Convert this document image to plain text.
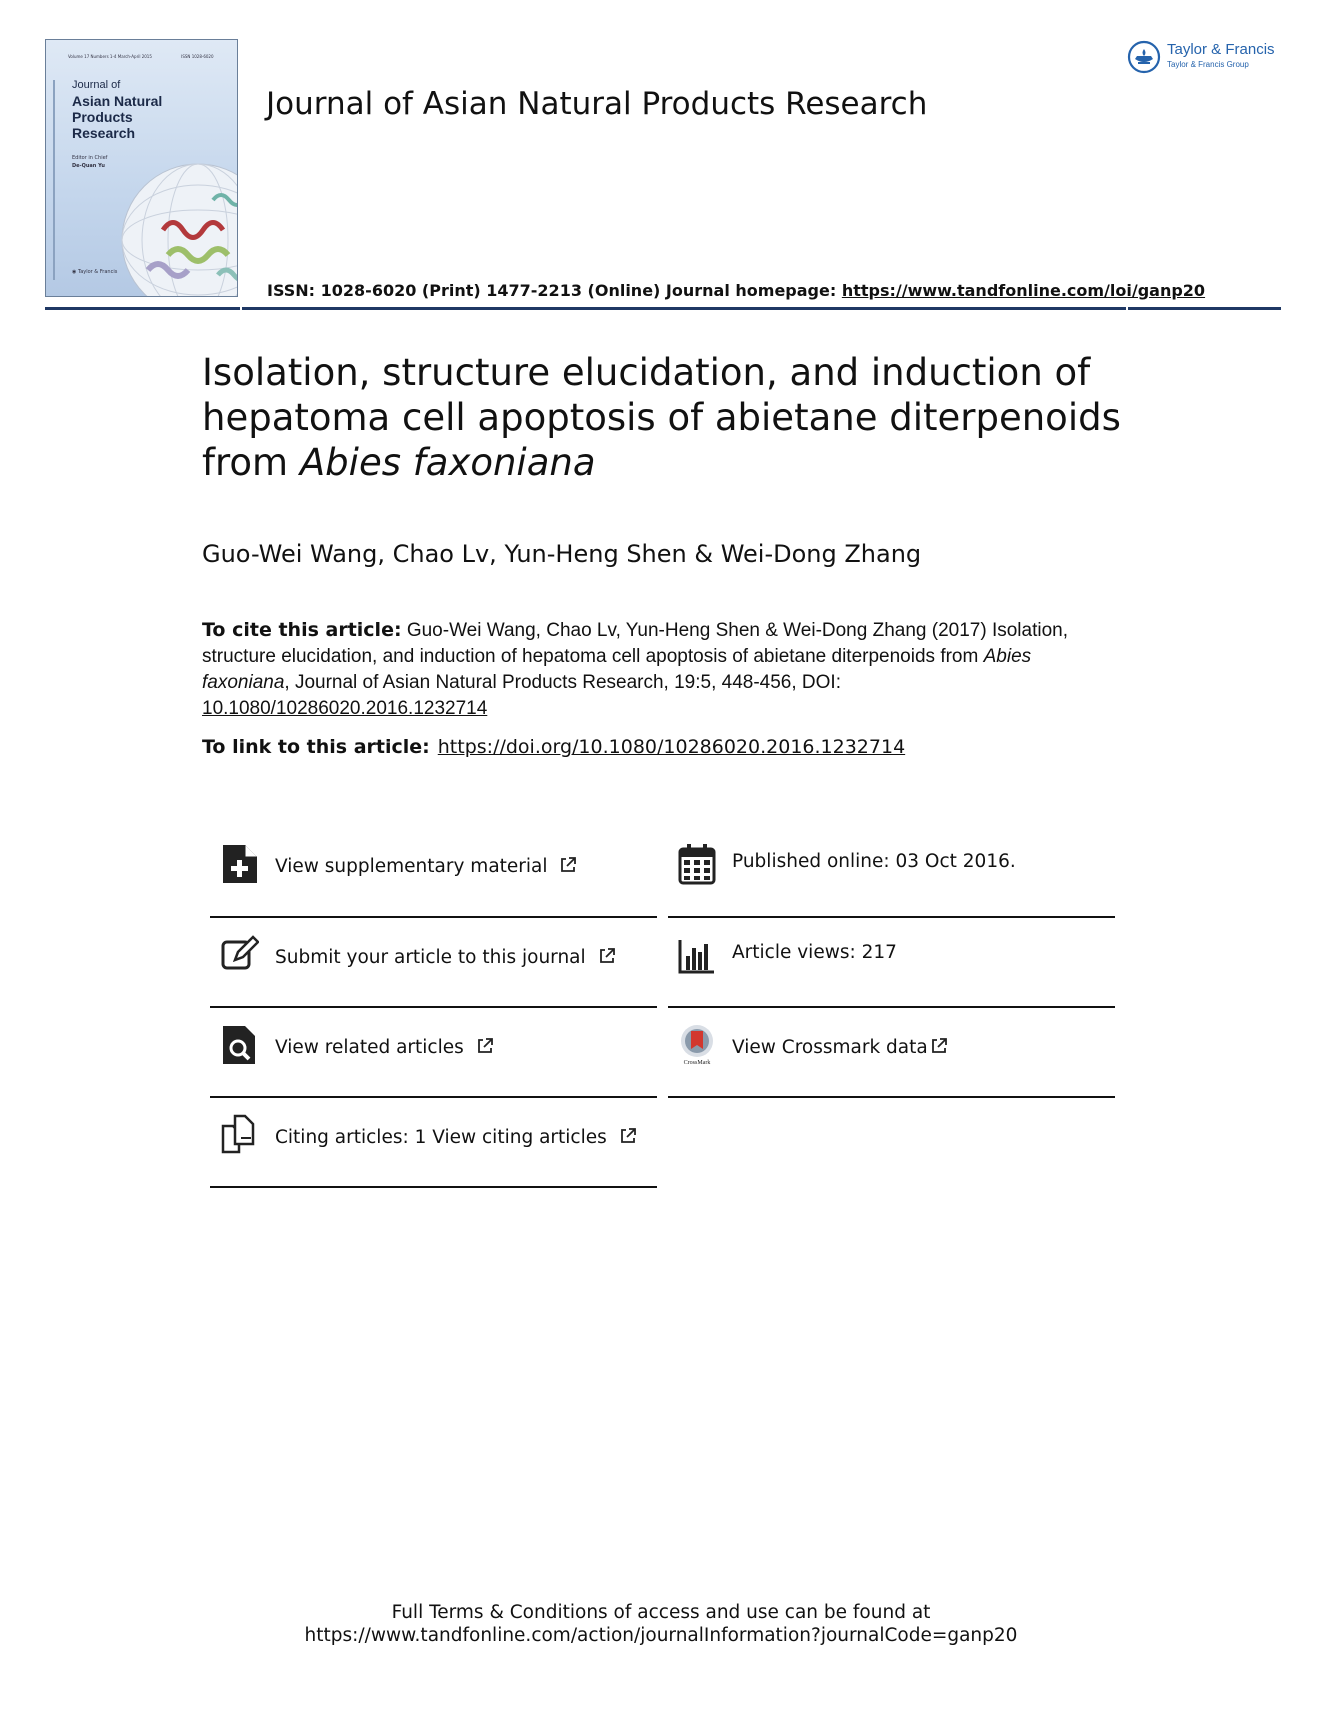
Volume 17 Numbers 1-4 March-April 2015	ISSN 1028-6020
Journal of
Asian Natural
Products
Research
Editor in Chief
De-Quan Yu
◉ Taylor & Francis
Taylor & Francis
Taylor & Francis Group
Journal of Asian Natural Products Research
ISSN: 1028-6020 (Print) 1477-2213 (Online) Journal homepage: https://www.tandfonline.com/loi/ganp20
Isolation, structure elucidation, and induction of hepatoma cell apoptosis of abietane diterpenoids from Abies faxoniana
Guo-Wei Wang, Chao Lv, Yun-Heng Shen & Wei-Dong Zhang
To cite this article: Guo-Wei Wang, Chao Lv, Yun-Heng Shen & Wei-Dong Zhang (2017) Isolation, structure elucidation, and induction of hepatoma cell apoptosis of abietane diterpenoids from Abies faxoniana, Journal of Asian Natural Products Research, 19:5, 448-456, DOI: 10.1080/10286020.2016.1232714
To link to this article: https://doi.org/10.1080/10286020.2016.1232714
View supplementary material
Submit your article to this journal
View related articles
Citing articles: 1 View citing articles
Published online: 03 Oct 2016.
Article views: 217
CrossMark
View Crossmark data
Full Terms & Conditions of access and use can be found at
https://www.tandfonline.com/action/journalInformation?journalCode=ganp20
